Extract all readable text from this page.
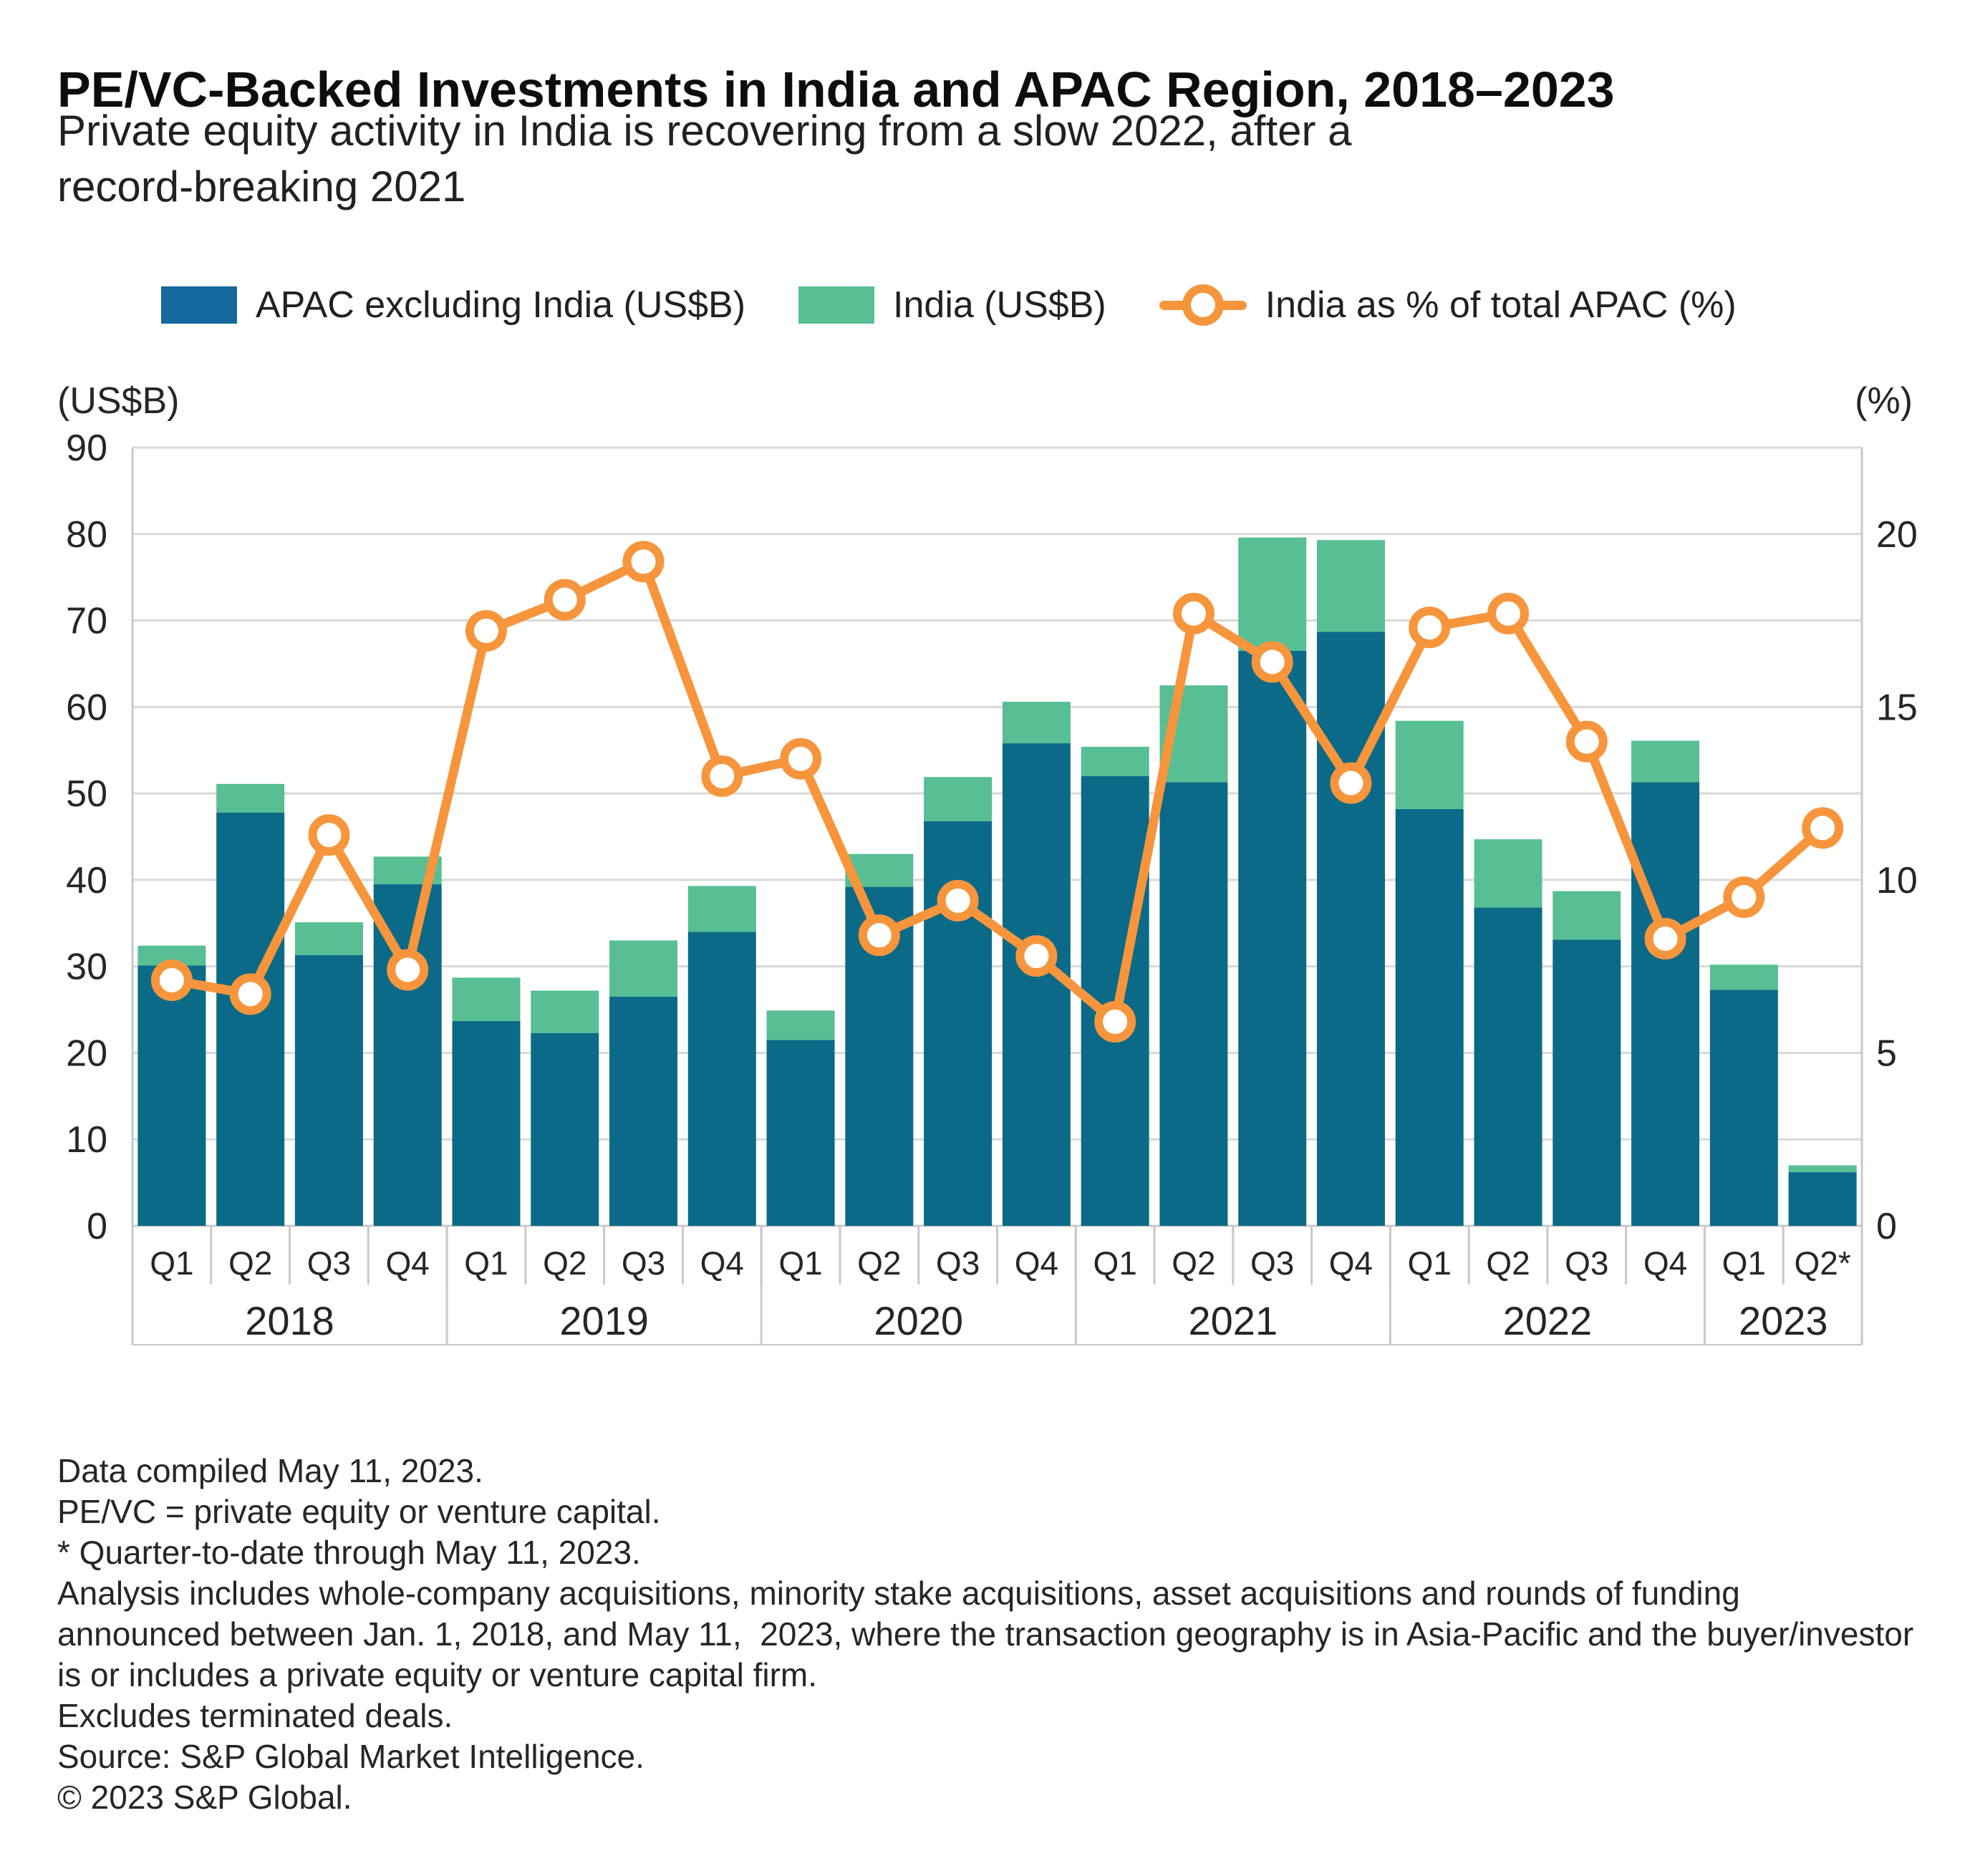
PE/VC-Backed Investments in India and APAC Region, 2018–2023
Private equity activity in India is recovering from a slow 2022, after a
record-breaking 2021
APAC excluding India (US$B)	India (US$B)	India as % of total APAC (%)
(US$B)	(%)
90
80
70
60
50
40
30
20
10
0
20
15
10
5
0
Q1 Q2 Q3 Q4 Q1 Q2 Q3 Q4 Q1 Q2 Q3 Q4 Q1 Q2 Q3 Q4 Q1 Q2 Q3 Q4 Q1 Q2*
2018	2019	2020	2021	2022	2023
Data compiled May 11, 2023.
PE/VC = private equity or venture capital.
* Quarter-to-date through May 11, 2023.
Analysis includes whole-company acquisitions, minority stake acquisitions, asset acquisitions and rounds of funding
announced between Jan. 1, 2018, and May 11,  2023, where the transaction geography is in Asia-Pacific and the buyer/investor
is or includes a private equity or venture capital firm.
Excludes terminated deals.
Source: S&P Global Market Intelligence.
© 2023 S&P Global.
